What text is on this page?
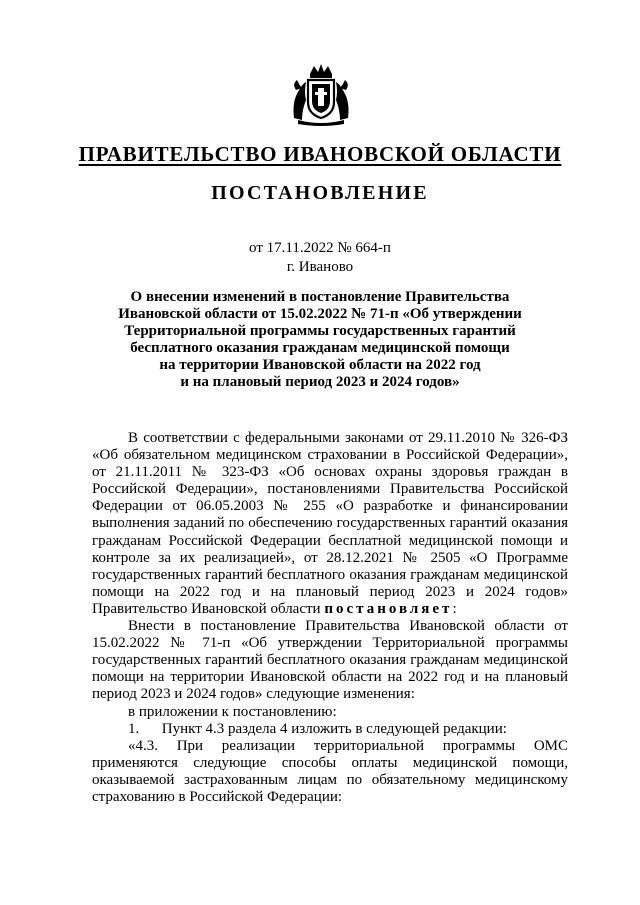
ПРАВИТЕЛЬСТВО ИВАНОВСКОЙ ОБЛАСТИ
ПОСТАНОВЛЕНИЕ
от 17.11.2022 № 664-п
г. Иваново
О внесении изменений в постановление Правительства
Ивановской области от 15.02.2022 № 71-п «Об утверждении
Территориальной программы государственных гарантий
бесплатного оказания гражданам медицинской помощи
на территории Ивановской области на 2022 год
и на плановый период 2023 и 2024 годов»

В соответствии с федеральными законами от 29.11.2010 № 326-ФЗ «Об обязательном медицинском страховании в Российской Федерации», от 21.11.2011 № 323-ФЗ «Об основах охраны здоровья граждан в Российской Федерации», постановлениями Правительства Российской Федерации от 06.05.2003 № 255 «О разработке и финансировании выполнения заданий по обеспечению государственных гарантий оказания гражданам Российской Федерации бесплатной медицинской помощи и контроле за их реализацией», от 28.12.2021 № 2505 «О Программе государственных гарантий бесплатного оказания гражданам медицинской помощи на 2022 год и на плановый период 2023 и 2024 годов» Правительство Ивановской области постановляет:

Внести в постановление Правительства Ивановской области от 15.02.2022 № 71-п «Об утверждении Территориальной программы государственных гарантий бесплатного оказания гражданам медицинской помощи на территории Ивановской области на 2022 год и на плановый период 2023 и 2024 годов» следующие изменения:

в приложении к постановлению:

1.      Пункт 4.3 раздела 4 изложить в следующей редакции:

«4.3. При реализации территориальной программы ОМС применяются следующие способы оплаты медицинской помощи, оказываемой застрахованным лицам по обязательному медицинскому страхованию в Российской Федерации:
